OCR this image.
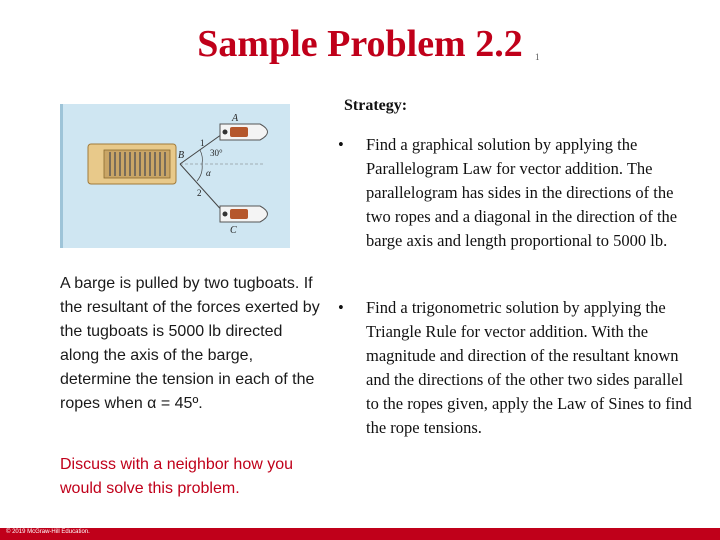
Sample Problem 2.2 1
A
B
C
1
2
30°
α
A barge is pulled by two tugboats. If the resultant of the forces exerted by the tugboats is 5000 lb directed along the axis of the barge, determine the tension in each of the ropes when α = 45º.
Discuss with a neighbor how you would solve this problem.
Strategy:
• Find a graphical solution by applying the Parallelogram Law for vector addition. The parallelogram has sides in the directions of the two ropes and a diagonal in the direction of the barge axis and length proportional to 5000 lb.
• Find a trigonometric solution by applying the Triangle Rule for vector addition. With the magnitude and direction of the resultant known and the directions of the other two sides parallel to the ropes given, apply the Law of Sines to find the rope tensions.
© 2019 McGraw-Hill Education.
